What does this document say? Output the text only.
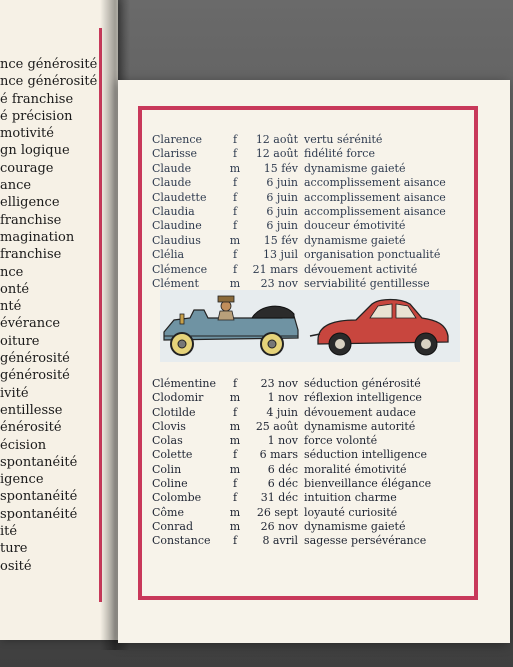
nce générosité
nce générosité
é franchise
é précision
motivité
gn logique
courage
ance
elligence
franchise
magination
franchise
nce
onté
nté
évérance
oiture
générosité
générosité
ivité
entillesse
énérosité
écision
spontanéité
igence
spontanéité
spontanéité
ité
ture
osité
Clarence	f	12 août vertu sérénité
Clarisse	f	12 août fidélité force
Claude	m	15 fév dynamisme gaieté
Claude	f	6 juin accomplissement aisance
Claudette	f	6 juin accomplissement aisance
Claudia	f	6 juin accomplissement aisance
Claudine	f	6 juin douceur émotivité
Claudius	m	15 fév dynamisme gaieté
Clélia	f	13 juil organisation ponctualité
Clémence	f	21 mars dévouement activité
Clément	m	23 nov serviabilité gentillesse
Clémentine	f	23 nov séduction générosité
Clodomir	m	1 nov réflexion intelligence
Clotilde	f	4 juin dévouement audace
Clovis	m	25 août dynamisme autorité
Colas	m	1 nov force volonté
Colette	f	6 mars séduction intelligence
Colin	m	6 déc moralité émotivité
Coline	f	6 déc bienveillance élégance
Colombe	f	31 déc intuition charme
Côme	m	26 sept loyauté curiosité
Conrad	m	26 nov dynamisme gaieté
Constance	f	8 avril sagesse persévérance
